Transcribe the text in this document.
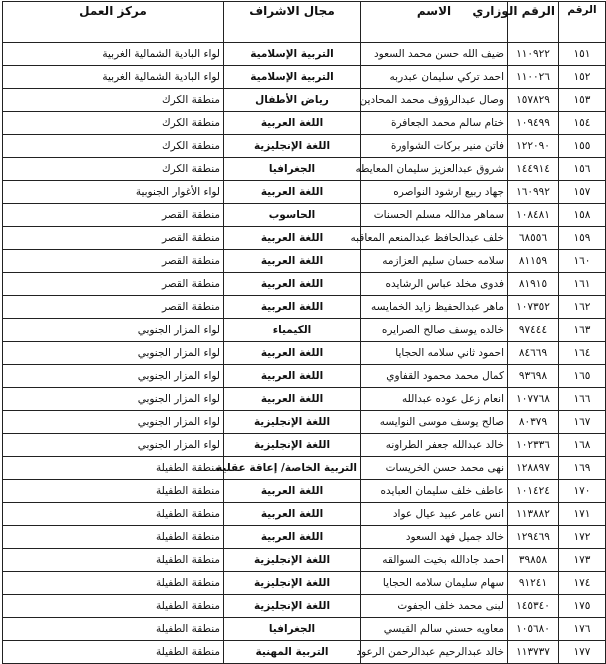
الرقم	الرقم الوزاري	الاسم	مجال الاشراف	مركز العمل
١٥١	١١٠٩٢٢	ضيف الله حسن محمد السعود	التربية الإسلامية	لواء البادية الشمالية الغربية
١٥٢	١١٠٠٢٦	احمد تركي سليمان عبدربه	التربية الإسلامية	لواء البادية الشمالية الغربية
١٥٣	١٥٧٨٢٩	وصال عبدالرؤوف محمد المحادين	رياض الأطفال	منطقة الكرك
١٥٤	١٠٩٤٩٩	ختام سالم محمد الجعافرة	اللغة العربية	منطقة الكرك
١٥٥	١٢٢٠٩٠	فاتن منير بركات الشواورة	اللغة الإنجليزية	منطقة الكرك
١٥٦	١٤٤٩١٤	شروق عبدالعزيز سليمان المعايطه	الجغرافيا	منطقة الكرك
١٥٧	١٦٠٩٩٢	جهاد ربيع ارشود النواصره	اللغة العربية	لواء الأغوار الجنوبية
١٥٨	١٠٨٤٨١	سماهر مداللہ مسلم الحسنات	الحاسوب	منطقة القصر
١٥٩	٦٨٥٥٦	خلف عبدالحافظ عبدالمنعم المعاقبه	اللغة العربية	منطقة القصر
١٦٠	٨١١٥٩	سلامه حسان سليم العزازمه	اللغة العربية	منطقة القصر
١٦١	٨١٩١٥	فدوى مخلد عباس الرشايده	اللغة العربية	منطقة القصر
١٦٢	١٠٧٣٥٢	ماهر عبدالحفيظ زايد الخمايسه	اللغة العربية	منطقة القصر
١٦٣	٩٧٤٤٤	خالده يوسف صالح الصرايره	الكيمياء	لواء المزار الجنوبي
١٦٤	٨٤٦٦٩	احمود ثاني سلامه الحجايا	اللغة العربية	لواء المزار الجنوبي
١٦٥	٩٣٦٩٨	كمال محمد محمود القفاوي	اللغة العربية	لواء المزار الجنوبي
١٦٦	١٠٧٧٦٨	انعام زعل عوده عبدالله	اللغة العربية	لواء المزار الجنوبي
١٦٧	٨٠٣٧٩	صالح يوسف موسى النوايسه	اللغة الإنجليزية	لواء المزار الجنوبي
١٦٨	١٠٢٣٣٦	خالد عبدالله جعفر الطراونه	اللغة الإنجليزية	لواء المزار الجنوبي
١٦٩	١٢٨٨٩٧	نهى محمد حسن الخريسات	التربية الخاصة/ إعاقة عقلية	منطقة الطفيلة
١٧٠	١٠١٤٢٤	عاطف خلف سليمان العبايده	اللغة العربية	منطقة الطفيلة
١٧١	١١٣٨٨٢	انس عامر عبيد عيال عواد	اللغة العربية	منطقة الطفيلة
١٧٢	١٢٩٤٦٩	خالد جميل فهد السعود	اللغة العربية	منطقة الطفيلة
١٧٣	٣٩٨٥٨	احمد جادالله بخيت السوالقه	اللغة الإنجليزية	منطقة الطفيلة
١٧٤	٩١٢٤١	سهام سليمان سلامه الحجايا	اللغة الإنجليزية	منطقة الطفيلة
١٧٥	١٤٥٣٤٠	لبنى محمد خلف الجفوت	اللغة الإنجليزية	منطقة الطفيلة
١٧٦	١٠٥٦٨٠	معاويه حسني سالم القيسي	الجغرافيا	منطقة الطفيلة
١٧٧	١١٣٧٣٧	خالد عبدالرحيم عبدالرحمن الرعود	التربية المهنية	منطقة الطفيلة
